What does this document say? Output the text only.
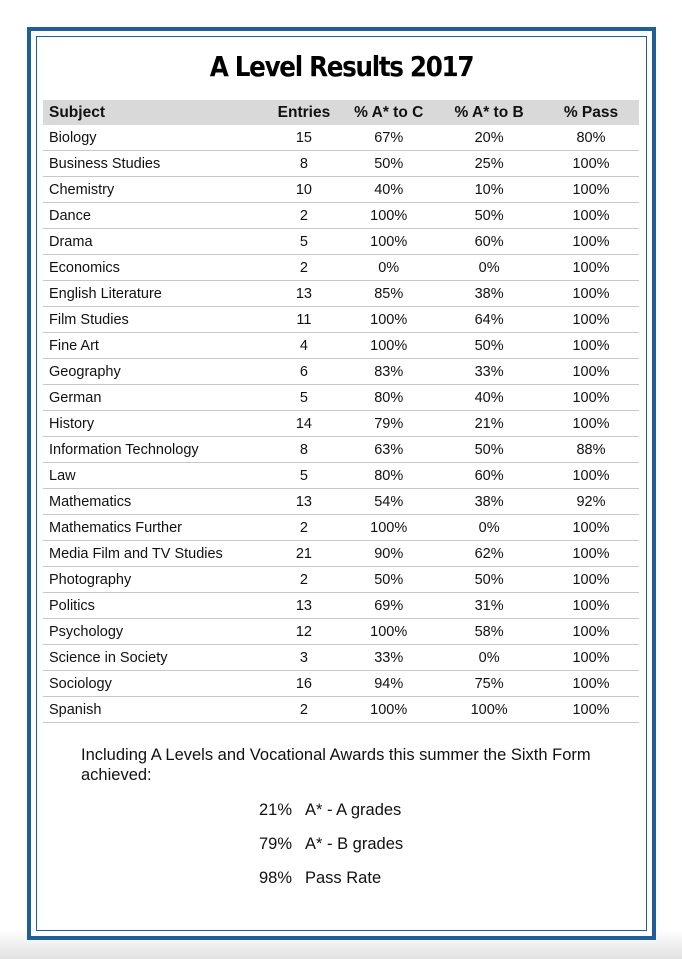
A Level Results 2017
Subject	Entries	% A* to C	% A* to B	% Pass
Biology	15	67%	20%	80%
Business Studies	8	50%	25%	100%
Chemistry	10	40%	10%	100%
Dance	2	100%	50%	100%
Drama	5	100%	60%	100%
Economics	2	0%	0%	100%
English Literature	13	85%	38%	100%
Film Studies	11	100%	64%	100%
Fine Art	4	100%	50%	100%
Geography	6	83%	33%	100%
German	5	80%	40%	100%
History	14	79%	21%	100%
Information Technology	8	63%	50%	88%
Law	5	80%	60%	100%
Mathematics	13	54%	38%	92%
Mathematics Further	2	100%	0%	100%
Media Film and TV Studies	21	90%	62%	100%
Photography	2	50%	50%	100%
Politics	13	69%	31%	100%
Psychology	12	100%	58%	100%
Science in Society	3	33%	0%	100%
Sociology	16	94%	75%	100%
Spanish	2	100%	100%	100%
Including A Levels and Vocational Awards this summer the Sixth Form achieved:
21% A* - A grades
79% A* - B grades
98% Pass Rate
